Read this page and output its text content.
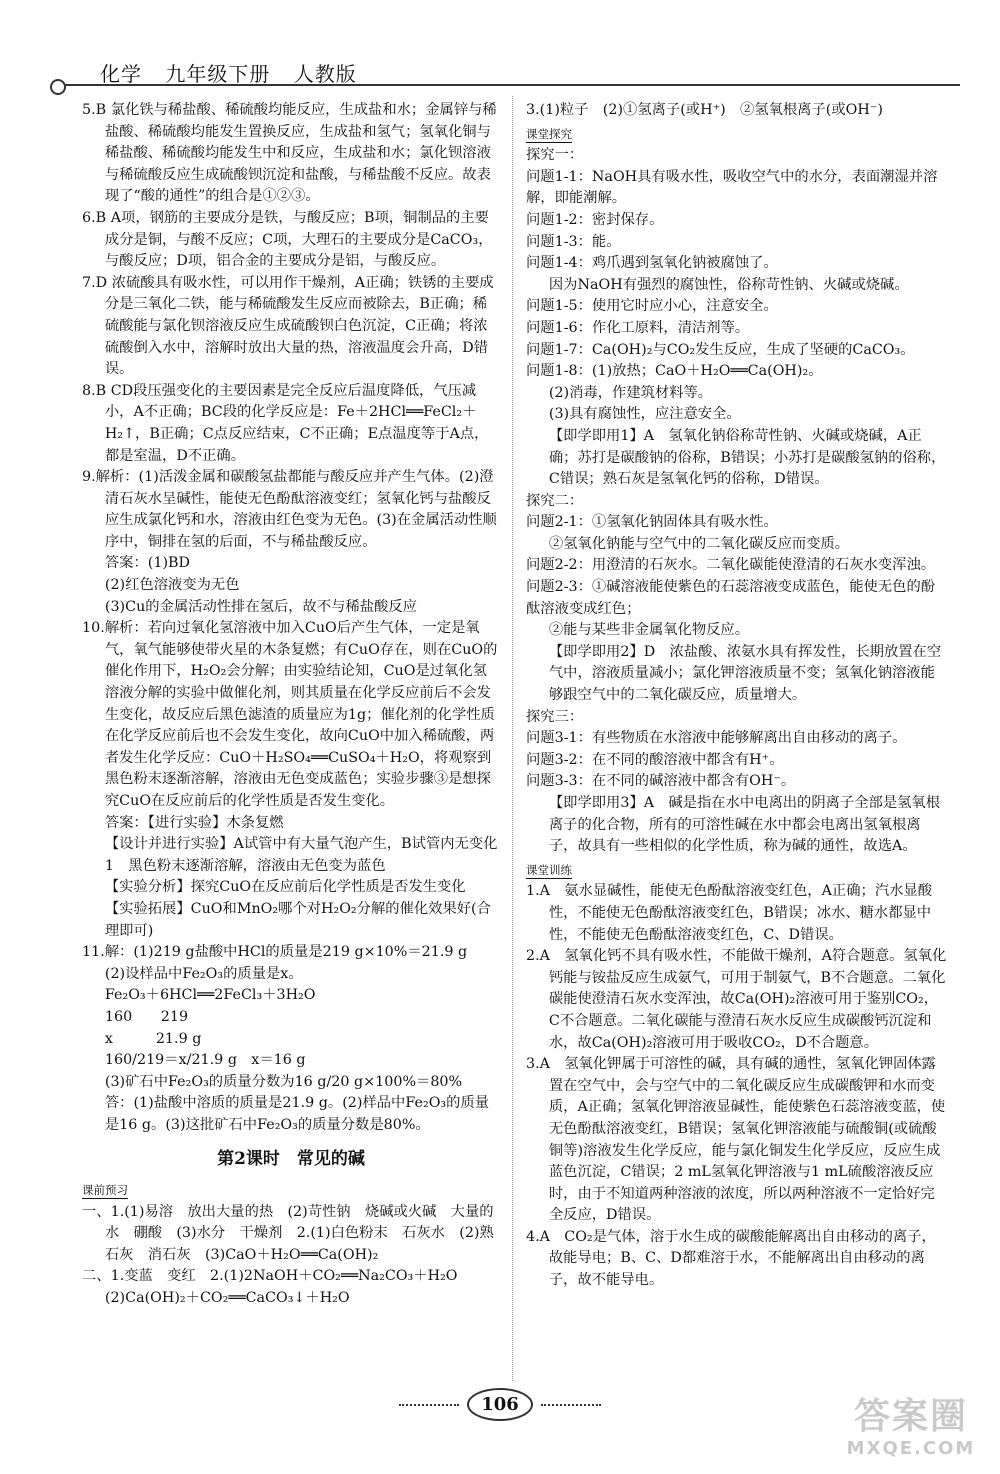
化学 九年级下册 人教版
5.B 氯化铁与稀盐酸、稀硫酸均能反应，生成盐和水；金属锌与稀盐酸、稀硫酸均能发生置换反应，生成盐和氢气；氢氧化铜与稀盐酸、稀硫酸均能发生中和反应，生成盐和水；氯化钡溶液与稀硫酸反应生成硫酸钡沉淀和盐酸，与稀盐酸不反应。故表现了“酸的通性”的组合是①②③。
6.B A项，钢筋的主要成分是铁，与酸反应；B项，铜制品的主要成分是铜，与酸不反应；C项，大理石的主要成分是CaCO₃，与酸反应；D项，铝合金的主要成分是铝，与酸反应。
7.D 浓硫酸具有吸水性，可以用作干燥剂，A正确；铁锈的主要成分是三氧化二铁，能与稀硫酸发生反应而被除去，B正确；稀硫酸能与氯化钡溶液反应生成硫酸钡白色沉淀，C正确；将浓硫酸倒入水中，溶解时放出大量的热，溶液温度会升高，D错误。
8.B CD段压强变化的主要因素是完全反应后温度降低，气压减小，A不正确；BC段的化学反应是：Fe＋2HCl══FeCl₂＋H₂↑，B正确；C点反应结束，C不正确；E点温度等于A点，都是室温，D不正确。
9.解析：(1)活泼金属和碳酸氢盐都能与酸反应并产生气体。(2)澄清石灰水呈碱性，能使无色酚酞溶液变红；氢氧化钙与盐酸反应生成氯化钙和水，溶液由红色变为无色。(3)在金属活动性顺序中，铜排在氢的后面，不与稀盐酸反应。
答案：(1)BD
(2)红色溶液变为无色
(3)Cu的金属活动性排在氢后，故不与稀盐酸反应
10.解析：若向过氧化氢溶液中加入CuO后产生气体，一定是氧气，氧气能够使带火星的木条复燃；有CuO存在，则在CuO的催化作用下，H₂O₂会分解；由实验结论知，CuO是过氧化氢溶液分解的实验中做催化剂，则其质量在化学反应前后不会发生变化，故反应后黑色滤渣的质量应为1g；催化剂的化学性质在化学反应前后也不会发生变化，故向CuO中加入稀硫酸，两者发生化学反应：CuO＋H₂SO₄══CuSO₄＋H₂O，将观察到黑色粉末逐渐溶解，溶液由无色变成蓝色；实验步骤③是想探究CuO在反应前后的化学性质是否发生变化。
答案：【进行实验】木条复燃
【设计并进行实验】A试管中有大量气泡产生，B试管内无变化　1　黑色粉末逐渐溶解，溶液由无色变为蓝色
【实验分析】探究CuO在反应前后化学性质是否发生变化
【实验拓展】CuO和MnO₂哪个对H₂O₂分解的催化效果好(合理即可)
11.解：(1)219 g盐酸中HCl的质量是219 g×10%＝21.9 g
(2)设样品中Fe₂O₃的质量是x。
Fe₂O₃＋6HCl══2FeCl₃＋3H₂O
160　　219
x　　　21.9 g
160/219＝x/21.9 g　x＝16 g
(3)矿石中Fe₂O₃的质量分数为16 g/20 g×100%＝80%
答：(1)盐酸中溶质的质量是21.9 g。(2)样品中Fe₂O₃的质量是16 g。(3)这批矿石中Fe₂O₃的质量分数是80%。
第2课时　常见的碱
课前预习
一、1.(1)易溶　放出大量的热　(2)苛性钠　烧碱或火碱　大量的水　硼酸　(3)水分　干燥剂　2.(1)白色粉末　石灰水　(2)熟石灰　消石灰　(3)CaO＋H₂O══Ca(OH)₂
二、1.变蓝　变红　2.(1)2NaOH＋CO₂══Na₂CO₃＋H₂O
(2)Ca(OH)₂＋CO₂══CaCO₃↓＋H₂O
3.(1)粒子　(2)①氢离子(或H⁺)　②氢氧根离子(或OH⁻)
课堂探究
探究一：
问题1-1：NaOH具有吸水性，吸收空气中的水分，表面潮湿并溶解，即能潮解。
问题1-2：密封保存。
问题1-3：能。
问题1-4：鸡爪遇到氢氧化钠被腐蚀了。
因为NaOH有强烈的腐蚀性，俗称苛性钠、火碱或烧碱。
问题1-5：使用它时应小心，注意安全。
问题1-6：作化工原料，清洁剂等。
问题1-7：Ca(OH)₂与CO₂发生反应，生成了坚硬的CaCO₃。
问题1-8：(1)放热；CaO＋H₂O══Ca(OH)₂。
(2)消毒，作建筑材料等。
(3)具有腐蚀性，应注意安全。
【即学即用1】A　氢氧化钠俗称苛性钠、火碱或烧碱，A正确；苏打是碳酸钠的俗称，B错误；小苏打是碳酸氢钠的俗称，C错误；熟石灰是氢氧化钙的俗称，D错误。
探究二：
问题2-1：①氢氧化钠固体具有吸水性。
②氢氧化钠能与空气中的二氧化碳反应而变质。
问题2-2：用澄清的石灰水。二氧化碳能使澄清的石灰水变浑浊。
问题2-3：①碱溶液能使紫色的石蕊溶液变成蓝色，能使无色的酚酞溶液变成红色；
②能与某些非金属氧化物反应。
【即学即用2】D　浓盐酸、浓氨水具有挥发性，长期放置在空气中，溶液质量减小；氯化钾溶液质量不变；氢氧化钠溶液能够跟空气中的二氧化碳反应，质量增大。
探究三：
问题3-1：有些物质在水溶液中能够解离出自由移动的离子。
问题3-2：在不同的酸溶液中都含有H⁺。
问题3-3：在不同的碱溶液中都含有OH⁻。
【即学即用3】A　碱是指在水中电离出的阴离子全部是氢氧根离子的化合物，所有的可溶性碱在水中都会电离出氢氧根离子，故具有一些相似的化学性质，称为碱的通性，故选A。
课堂训练
1.A　氨水显碱性，能使无色酚酞溶液变红色，A正确；汽水显酸性，不能使无色酚酞溶液变红色，B错误；冰水、糖水都显中性，不能使无色酚酞溶液变红色，C、D错误。
2.A　氢氧化钙不具有吸水性，不能做干燥剂，A符合题意。氢氧化钙能与铵盐反应生成氨气，可用于制氨气，B不合题意。二氧化碳能使澄清石灰水变浑浊，故Ca(OH)₂溶液可用于鉴别CO₂，C不合题意。二氧化碳能与澄清石灰水反应生成碳酸钙沉淀和水，故Ca(OH)₂溶液可用于吸收CO₂，D不合题意。
3.A　氢氧化钾属于可溶性的碱，具有碱的通性，氢氧化钾固体露置在空气中，会与空气中的二氧化碳反应生成碳酸钾和水而变质，A正确；氢氧化钾溶液显碱性，能使紫色石蕊溶液变蓝，使无色酚酞溶液变红，B错误；氢氧化钾溶液能与硫酸铜(或硫酸铜等)溶液发生化学反应，能与氯化铜发生化学反应，反应生成蓝色沉淀，C错误；2 mL氢氧化钾溶液与1 mL硫酸溶液反应时，由于不知道两种溶液的浓度，所以两种溶液不一定恰好完全反应，D错误。
4.A　CO₂是气体，溶于水生成的碳酸能解离出自由移动的离子，故能导电；B、C、D都难溶于水，不能解离出自由移动的离子，故不能导电。
106	答案圈
MXQE.COM
